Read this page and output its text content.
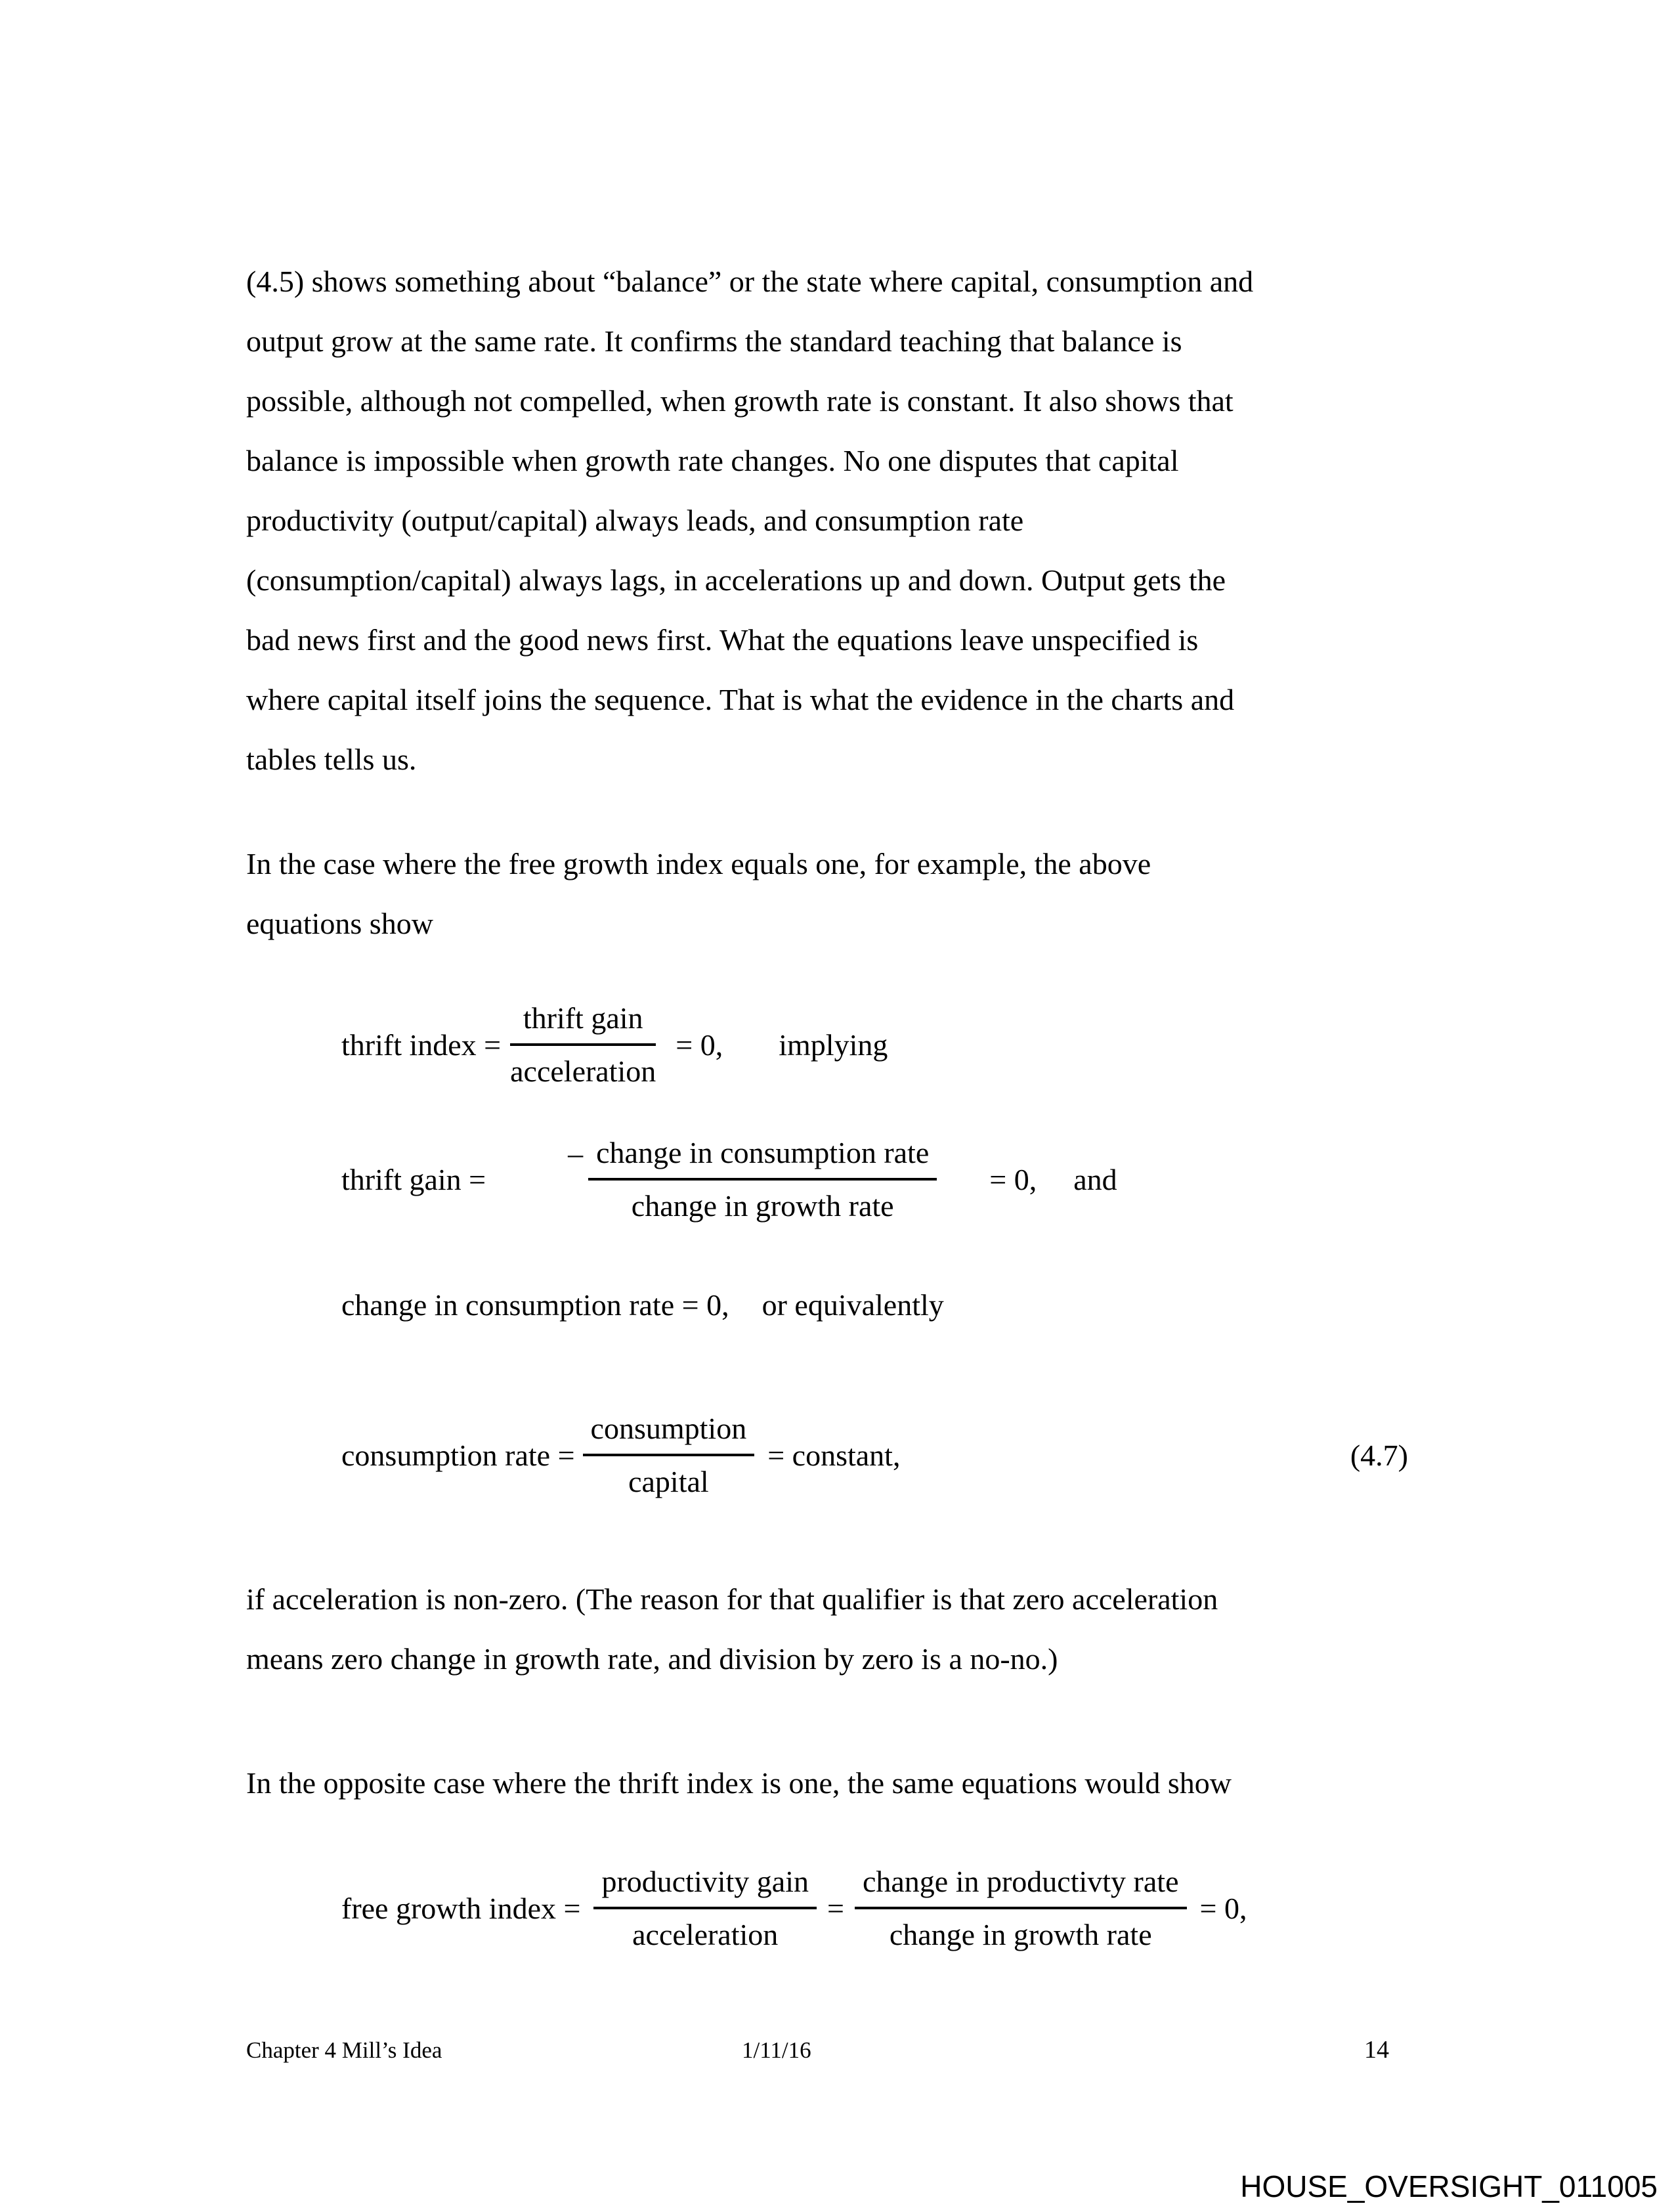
(4.5) shows something about “balance” or the state where capital, consumption and
output grow at the same rate. It confirms the standard teaching that balance is
possible, although not compelled, when growth rate is constant. It also shows that
balance is impossible when growth rate changes. No one disputes that capital
productivity (output/capital) always leads, and consumption rate
(consumption/capital) always lags, in accelerations up and down. Output gets the
bad news first and the good news first. What the equations leave unspecified is
where capital itself joins the sequence. That is what the evidence in the charts and
tables tells us.
In the case where the free growth index equals one, for example, the above
equations show
thrift index = $\frac{\text{thrift gain}}{\text{acceleration}} = 0$, implying
thrift gain =
– $\frac{\text{change in consumption rate}}{\text{change in growth rate}} = 0$, and
change in consumption rate = 0, or equivalently
consumption rate = $\frac{\text{consumption}}{\text{capital}}$ = constant,	(4.7)
if acceleration is non-zero. (The reason for that qualifier is that zero acceleration
means zero change in growth rate, and division by zero is a no-no.)
In the opposite case where the thrift index is one, the same equations would show
free growth index = $\frac{\text{productivity gain}}{\text{acceleration}} = \frac{\text{change in productivty rate}}{\text{change in growth rate}} = 0$,
Chapter 4 Mill’s Idea	1/11/16	14
HOUSE_OVERSIGHT_011005
